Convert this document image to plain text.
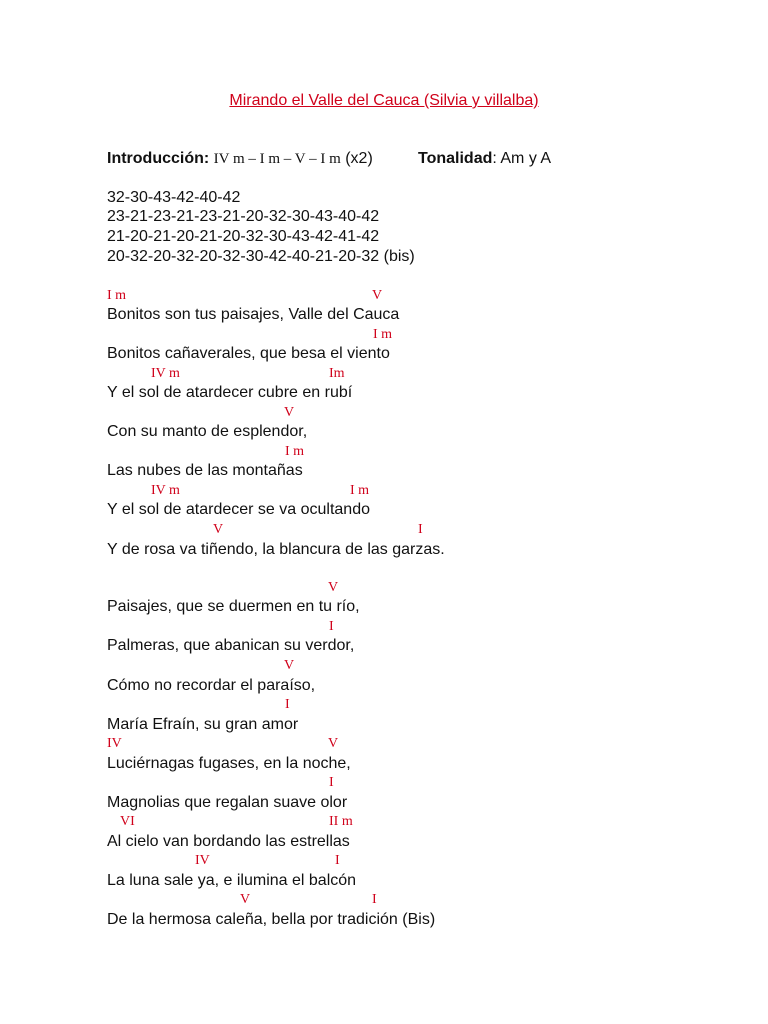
Mirando el Valle del Cauca (Silvia y villalba)
Introducción: IV m – I m – V – I m (x2)	Tonalidad: Am y A
32-30-43-42-40-42
23-21-23-21-23-21-20-32-30-43-40-42
21-20-21-20-21-20-32-30-43-42-41-42
20-32-20-32-20-32-30-42-40-21-20-32 (bis)
I m	V
Bonitos son tus paisajes, Valle del Cauca
I m
Bonitos cañaverales, que besa el viento
IV m	Im
Y el sol de atardecer cubre en rubí
V
Con su manto de esplendor,
I m
Las nubes de las montañas
IV m	I m
Y el sol de atardecer se va ocultando
V	I
Y de rosa va tiñendo, la blancura de las garzas.
V
Paisajes, que se duermen en tu río,
I
Palmeras, que abanican su verdor,
V
Cómo no recordar el paraíso,
I
María Efraín, su gran amor
IV	V
Luciérnagas fugases, en la noche,
I
Magnolias que regalan suave olor
VI	II m
Al cielo van bordando las estrellas
IV	I
La luna sale ya, e ilumina el balcón
V	I
De la hermosa caleña, bella por tradición (Bis)
